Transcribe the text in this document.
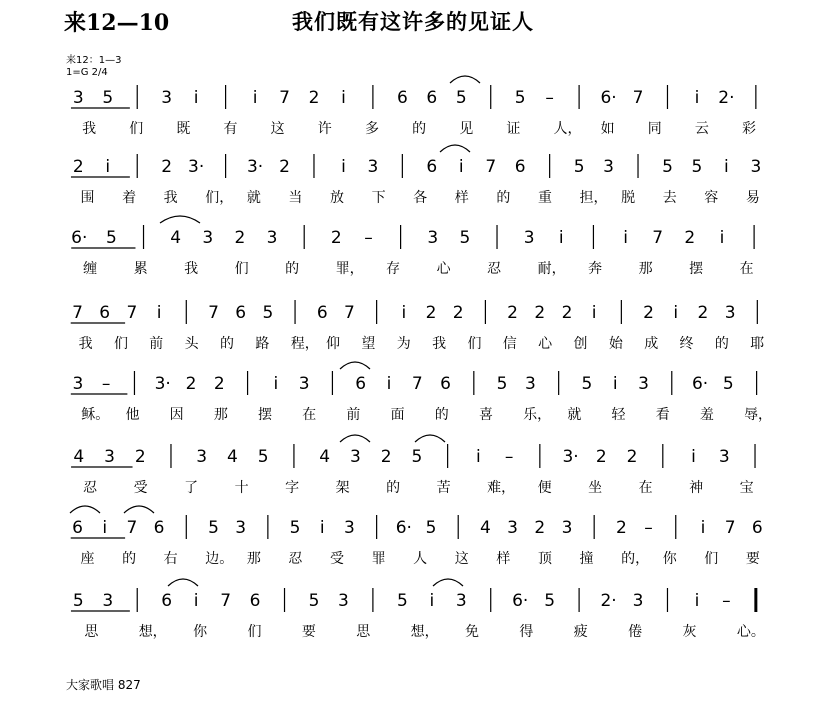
来12—10	我们既有这许多的见证人
来12：1—3
1=G 2/4
3 5	3 i	i 7 2 i	6 6 5	5 –	6· 7	i 2·
我 们 既 有 这 许 多 的 见 证 人， 如 同 云 彩
2 i	2 3·	3· 2	i 3	6 i 7 6	5 3	5 5 i 3
围 着 我 们， 就 当 放 下 各 样 的 重 担， 脱 去 容 易
6· 5	4 3 2 3	2 –	3 5	3 i	i 7 2 i
缠	累	我	们	的	罪， 存	心	忍	耐， 奔	那	摆	在
7 6 7 i	7 6 5	6 7	i 2 2	2 2 2 i	2 i 2 3
我 们 前 头 的 路 程， 仰 望 为 我 们 信 心 创 始 成 终 的 耶
3 –	3· 2 2	i 3	6 i 7 6	5 3	5 i 3	6· 5
稣。 他 因 那 摆 在 前 面 的 喜 乐， 就 轻 看 羞 辱，
4 3 2	3 4 5	4 3 2 5	i –	3· 2 2	i 3
忍	受	了	十	字	架	的	苦	难， 便	坐	在	神	宝
6 i 7 6	5 3	5 i 3 6· 5	4 3 2 3	2 –	i 7 6
座 的 右 边。 那 忍 受 罪 人 这 样 顶 撞 的， 你 们 要
5 3	6 i 7 6	5 3	5 i 3	6· 5	2· 3	i –
思	想， 你	们	要	思	想， 免	得	疲	倦	灰	心。
大家歌唱 827
